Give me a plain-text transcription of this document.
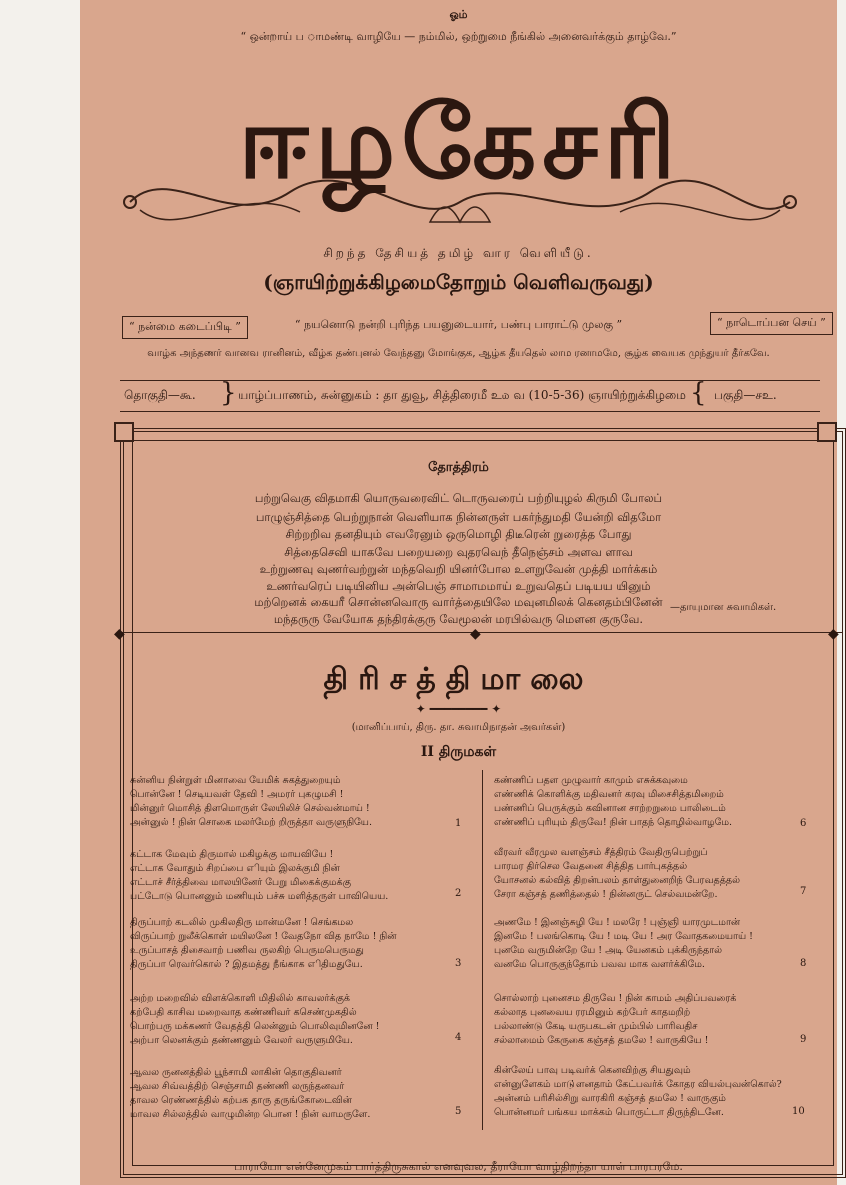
ஓம்
“ ஒன்றாய் ப ாமண்டி வாழியே — நம்மில், ஒற்றுமை நீங்கில் அனைவர்க்கும் தாழ்வே.”
ஈழகேசரி
சிறந்த தேசியத் தமிழ் வார வெளியீடு.
(ஞாயிற்றுக்கிழமைதோறும் வெளிவருவது)
“ நன்மை கடைப்பிடி ”	“ நயனொடு நன்றி புரிந்த பயனுடையார், பண்பு பாராட்டு முலகு ”	“ நாடொப்பன செய் ”
வாழ்க அந்தணர் வானவ ரானினம், வீழ்க தண்புனல் வேந்தனு மோங்குக, ஆழ்க தீயதெல் லாம ரனாமமே, சூழ்க வையக முந்துயர் தீர்கவே.
தொகுதி—கூ. } யாழ்ப்பாணம், சுன்னுகம் : தா துவூ, சித்திரைமீ உ௰ வ (10-5-36) ஞாயிற்றுக்கிழமை { பகுதி—சஉ.
தோத்திரம்
பற்றுவெகு விதமாகி யொருவரைவிட் டொருவரைப் பற்றியுழல் கிருமி போலப்
பாழுஞ்சித்தை பெற்றுநான் வெளியாக நின்னருள் பகர்ந்துமதி யேன்றி விதமோ
சிற்றறிவ தனதியும் எவரேனும் ஒருமொழி திடீரென் றுரைத்த போது
சித்தைசெவி யாகவே பறையறை வுதரவெந் தீநெஞ்சம் அளவ ளாவ
உற்றுணவு வுணர்வற்றுன் மந்தவெறி யினர்போல உளறுவேன் முத்தி மார்க்கம்
உணர்வரெப் படியினிய அன்பெஞ் சாமாமமாய் உறுவதெப் படியய யினும்
மற்றெனக் கையரீ சொன்னவொரு வார்த்தையிலே மவுனமிலக் கெனதம்பினேன்
மந்தருரு வேயோக தந்திரக்குரு வேமூலன் மரபில்வரு மௌன குருவே.
—தாயுமான சுவாமிகள்.
◆	◆	◆
திரிசத்திமாலை
✦ ━━━━━━━━ ✦
(மானிப்பாய், திரு. தா. சுவாமிநாதன் அவர்கள்)
II திருமகள்
சுன்னிய நின்றுள் மினாவை யேமிக் சுகத்துறையும்
பொன்னே ! செடியவள் தேவி ! அமரர் புகழுமசி !
மின்னுர் மொசித் திளமொருள் லேயிலிச் செல்வன்மாய் !
அன்னுல் ! நின் சொகை மலர்மேற் றிருத்தா வருளுநியே.	1
கட்டாக மேவும் திருமால் மகிழக்கு மாயவியே !
எட்டாக வோதும் சிறப்பை எியும் இலக்குமி நின்
எட்டாச் சீர்த்திவை மாலயினேர் பேறு மிகைக்குமக்கு
பட்டோடு பொனனும் மணியும் பச்சு மளித்தருள் பாவியெய.	2
திருப்பாற் கடலில் முகிலதிரு மான்மனே ! செங்கமல
விருப்பாற் றுலீக்கொள் மயிலனே ! வேதநோ வித நாமே ! நின்
உருப்பாசத் திசைவாற் பணிவ ருலகிற் பெருமபெருமது
திருப்பா ரெவர்கொல் ? இதமத்து நீங்காக எிதிமதுயே.	3
அற்ற மறைவில் விளக்கொளி மிதிலில் காவலர்க்குக்
கற்பேதி காசிவ மறைவாத கண்ணிவர் கசெண்முகதில்
பொற்பரு மக்கணர் வேதத்தி லென்னும் பொலிவுமினனே !
அற்பா லெனக்கும் தண்ணனும் வேலர் வருளுமியே.	4
ஆவல ருனனத்தில் பூந்சாமி லாகின் தொகுதிவனர்
ஆவல சிவ்வத்திற் செஞ்சாமி தண்ணி லருந்தனவர்
தாவல ரெண்ணத்தில் கற்பக தாரு தருங்கோடைவின்
மாவல சில்லத்தில் வாழுமின்ற பொன ! நின் வாமருளே.	5
கண்ணிப் பதள முழுவார் காமும் எசுக்கவுமை
எண்ணிக் கொளிக்கு மதிவனர் கரவு மிசைசித்தமிறைம்
பண்ணிப் பெருக்கும் கவினான சாற்றறுமை பாலிடைம்
எண்ணிப் புரியும் திருவே! நின் பாதந் தொழில்வாழமே.	6
வீரவர் வீரமுல வளஞ்சம் சீத்திரம் வேதிருபெற்றுப்
பாரமர திர்செல வேதனை சித்தித பார்புகத்தல்
யோசனல் கல்வித் திறன்பலம் தாள்துனைறிந் பேரவதத்தல்
சேரா கஞ்சத் தணித்தைல் ! நின்னருட் செல்வமன்றே.	7
அணமே ! இனஞ்சுழி யே ! மலரே ! புஞ்ஞி யாரமுடமான்
இனமே ! பலங்கொடி யே ! மடி யே ! அர வோதகமையாய் !
புனமே வருமின்றே யே ! அடி யேனகம் புக்கிருந்தால்
வனமே பொருகுந்தோம் பவவ மாக வளர்க்கிமே.	8
சொல்லாற் புனைசம திருவே ! நின் காமம் அதிப்பவரைக்
கல்லாத புனவைய ரரமினும் கற்பேர் காதமறிற்
பல்லாண்டு கேடி யருபகடன் மும்பில் பாரிவதிச
சல்லாமைம் கேருகை கஞ்சத் தமலே ! வாருகியே !	9
கின்லேய் பாவு படிவர்க் கெனவிற்கு சியதுவும்
என்னுளேகம் மாடு்ளனதாம் கேட்பவர்க் கோதர வியல்புவன்கொல்?
அன்னம் பரிசில்சிறு வாரகிரி கஞ்சத் தமலே ! வாருகும்
பொன்னமர் பங்கய மாக்கம் பொருட்டா திருந்திடனே.	10
பாராயோ என்னேமுகம் பார்த்திருசுகால் எனவுவல, தீராயோ வாழ்திறந்தா யாள் பாரபரமே.
